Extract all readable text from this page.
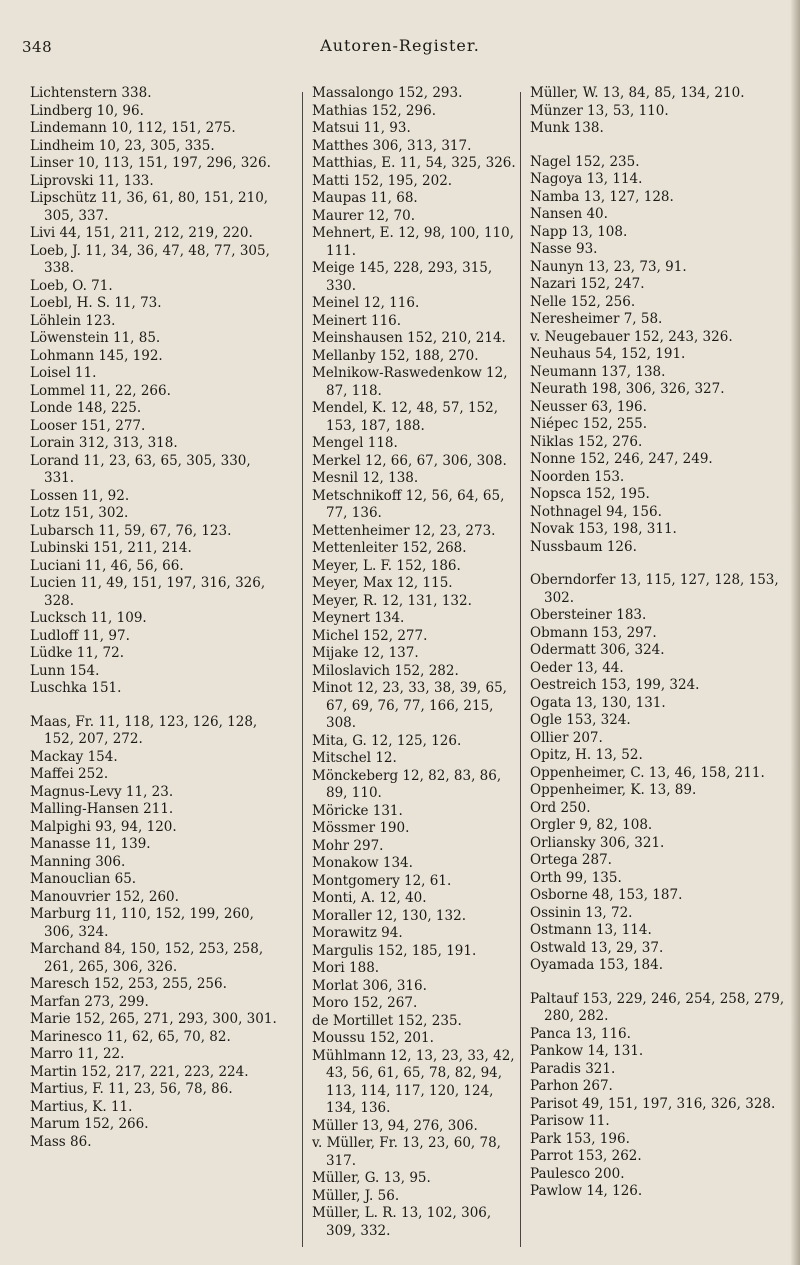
348	Autoren-Register.

Lichtenstern 338.

Lindberg 10, 96.

Lindemann 10, 112, 151, 275.

Lindheim 10, 23, 305, 335.

Linser 10, 113, 151, 197, 296, 326.

Liprovski 11, 133.

Lipschütz 11, 36, 61, 80, 151, 210, 305, 337.

Livi 44, 151, 211, 212, 219, 220.

Loeb, J. 11, 34, 36, 47, 48, 77, 305, 338.

Loeb, O. 71.

Loebl, H. S. 11, 73.

Löhlein 123.

Löwenstein 11, 85.

Lohmann 145, 192.

Loisel 11.

Lommel 11, 22, 266.

Londe 148, 225.

Looser 151, 277.

Lorain 312, 313, 318.

Lorand 11, 23, 63, 65, 305, 330, 331.

Lossen 11, 92.

Lotz 151, 302.

Lubarsch 11, 59, 67, 76, 123.

Lubinski 151, 211, 214.

Luciani 11, 46, 56, 66.

Lucien 11, 49, 151, 197, 316, 326, 328.

Lucksch 11, 109.

Ludloff 11, 97.

Lüdke 11, 72.

Lunn 154.

Luschka 151.

Maas, Fr. 11, 118, 123, 126, 128, 152, 207, 272.

Mackay 154.

Maffei 252.

Magnus-Levy 11, 23.

Malling-Hansen 211.

Malpighi 93, 94, 120.

Manasse 11, 139.

Manning 306.

Manouclian 65.

Manouvrier 152, 260.

Marburg 11, 110, 152, 199, 260, 306, 324.

Marchand 84, 150, 152, 253, 258, 261, 265, 306, 326.

Maresch 152, 253, 255, 256.

Marfan 273, 299.

Marie 152, 265, 271, 293, 300, 301.

Marinesco 11, 62, 65, 70, 82.

Marro 11, 22.

Martin 152, 217, 221, 223, 224.

Martius, F. 11, 23, 56, 78, 86.

Martius, K. 11.

Marum 152, 266.

Mass 86.

Massalongo 152, 293.

Mathias 152, 296.

Matsui 11, 93.

Matthes 306, 313, 317.

Matthias, E. 11, 54, 325, 326.

Matti 152, 195, 202.

Maupas 11, 68.

Maurer 12, 70.

Mehnert, E. 12, 98, 100, 110, 111.

Meige 145, 228, 293, 315, 330.

Meinel 12, 116.

Meinert 116.

Meinshausen 152, 210, 214.

Mellanby 152, 188, 270.

Melnikow-Raswedenkow 12, 87, 118.

Mendel, K. 12, 48, 57, 152, 153, 187, 188.

Mengel 118.

Merkel 12, 66, 67, 306, 308.

Mesnil 12, 138.

Metschnikoff 12, 56, 64, 65, 77, 136.

Mettenheimer 12, 23, 273.

Mettenleiter 152, 268.

Meyer, L. F. 152, 186.

Meyer, Max 12, 115.

Meyer, R. 12, 131, 132.

Meynert 134.

Michel 152, 277.

Mijake 12, 137.

Miloslavich 152, 282.

Minot 12, 23, 33, 38, 39, 65, 67, 69, 76, 77, 166, 215, 308.

Mita, G. 12, 125, 126.

Mitschel 12.

Mönckeberg 12, 82, 83, 86, 89, 110.

Möricke 131.

Mössmer 190.

Mohr 297.

Monakow 134.

Montgomery 12, 61.

Monti, A. 12, 40.

Moraller 12, 130, 132.

Morawitz 94.

Margulis 152, 185, 191.

Mori 188.

Morlat 306, 316.

Moro 152, 267.

de Mortillet 152, 235.

Moussu 152, 201.

Mühlmann 12, 13, 23, 33, 42, 43, 56, 61, 65, 78, 82, 94, 113, 114, 117, 120, 124, 134, 136.

Müller 13, 94, 276, 306.

v. Müller, Fr. 13, 23, 60, 78, 317.

Müller, G. 13, 95.

Müller, J. 56.

Müller, L. R. 13, 102, 306, 309, 332.

Müller, W. 13, 84, 85, 134, 210.

Münzer 13, 53, 110.

Munk 138.

Nagel 152, 235.

Nagoya 13, 114.

Namba 13, 127, 128.

Nansen 40.

Napp 13, 108.

Nasse 93.

Naunyn 13, 23, 73, 91.

Nazari 152, 247.

Nelle 152, 256.

Neresheimer 7, 58.

v. Neugebauer 152, 243, 326.

Neuhaus 54, 152, 191.

Neumann 137, 138.

Neurath 198, 306, 326, 327.

Neusser 63, 196.

Niépec 152, 255.

Niklas 152, 276.

Nonne 152, 246, 247, 249.

Noorden 153.

Nopsca 152, 195.

Nothnagel 94, 156.

Novak 153, 198, 311.

Nussbaum 126.

Oberndorfer 13, 115, 127, 128, 153, 302.

Obersteiner 183.

Obmann 153, 297.

Odermatt 306, 324.

Oeder 13, 44.

Oestreich 153, 199, 324.

Ogata 13, 130, 131.

Ogle 153, 324.

Ollier 207.

Opitz, H. 13, 52.

Oppenheimer, C. 13, 46, 158, 211.

Oppenheimer, K. 13, 89.

Ord 250.

Orgler 9, 82, 108.

Orliansky 306, 321.

Ortega 287.

Orth 99, 135.

Osborne 48, 153, 187.

Ossinin 13, 72.

Ostmann 13, 114.

Ostwald 13, 29, 37.

Oyamada 153, 184.

Paltauf 153, 229, 246, 254, 258, 279, 280, 282.

Panca 13, 116.

Pankow 14, 131.

Paradis 321.

Parhon 267.

Parisot 49, 151, 197, 316, 326, 328.

Parisow 11.

Park 153, 196.

Parrot 153, 262.

Paulesco 200.

Pawlow 14, 126.
